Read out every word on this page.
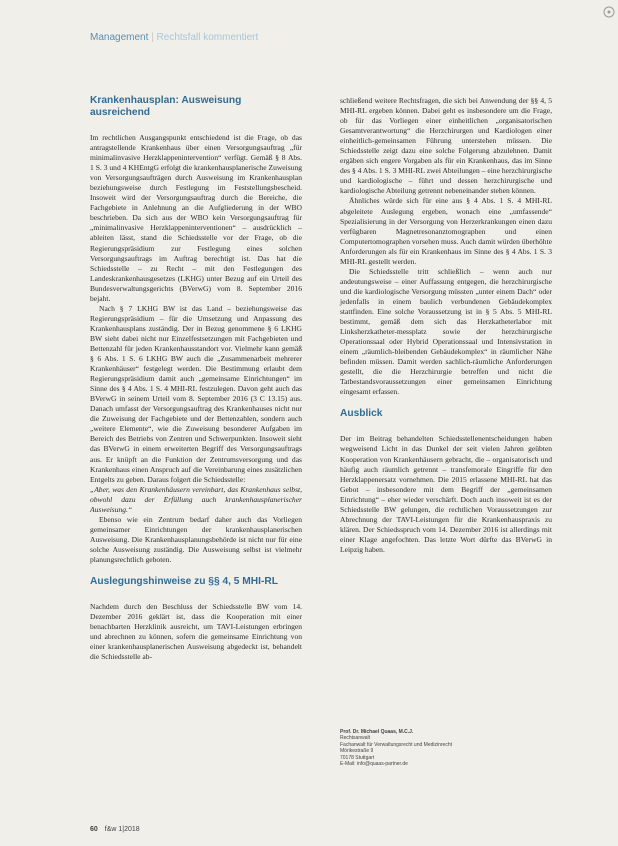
Management | Rechtsfall kommentiert
Krankenhausplan: Ausweisung ausreichend

Im rechtlichen Ausgangspunkt entschiedend ist die Frage, ob das antragstellende Krankenhaus über einen Versorgungsauftrag „für minimalinvasive Herzklappenintervention“ verfügt. Gemäß § 8 Abs. 1 S. 3 und 4 KHEntgG erfolgt die krankenhausplanerische Zuweisung von Versorgungsaufträgen durch Ausweisung im Krankenhausplan beziehungsweise durch Festlegung im Feststellungsbescheid. Insoweit wird der Versorgungsauftrag durch die Bereiche, die Fachgebiete in Anlehnung an die Aufgliederung in der WBO beschrieben. Da sich aus der WBO kein Versorgungsauftrag für „minimalinvasive Herzklappeninterventionen“ – ausdrücklich – ableiten lässt, stand die Schiedsstelle vor der Frage, ob die Regierungspräsidium zur Festlegung eines solchen Versorgungsauftrags im Auftrag berechtigt ist. Das hat die Schiedsstelle – zu Recht – mit den Festlegungen des Landeskrankenhausgesetzes (LKHG) unter Bezug auf ein Urteil des Bundesverwaltungsgerichts (BVerwG) vom 8. September 2016 bejaht.

Nach § 7 LKHG BW ist das Land – beziehungsweise das Regierungspräsidium – für die Umsetzung und Anpassung des Krankenhausplans zuständig. Der in Bezug genommene § 6 LKHG BW sieht dabei nicht nur Einzelfestsetzungen mit Fachgebieten und Bettenzahl für jeden Krankenhausstandort vor. Vielmehr kann gemäß § 6 Abs. 1 S. 6 LKHG BW auch die „Zusammenarbeit mehrerer Krankenhäuser“ festgelegt werden. Die Bestimmung erlaubt dem Regierungspräsidium damit auch „gemeinsame Einrichtungen“ im Sinne des § 4 Abs. 1 S. 4 MHI-RL festzulegen. Davon geht auch das BVerwG in seinem Urteil vom 8. September 2016 (3 C 13.15) aus. Danach umfasst der Versorgungsauftrag des Krankenhauses nicht nur die Zuweisung der Fachgebiete und der Bettenzahlen, sondern auch „weitere Elemente“, wie die Zuweisung besonderer Aufgaben im Bereich des Betriebs von Zentren und Schwerpunkten. Insoweit sieht das BVerwG in einem erweiterten Begriff des Versorgungsauftrags aus. Er knüpft an die Funktion der Zentrumsversorgung und das Krankenhaus einen Anspruch auf die Vereinbarung eines zusätzlichen Entgelts zu geben. Daraus folgert die Schiedsstelle:

„Aber, was den Krankenhäusern vereinbart, das Krankenhaus selbst, obwohl dazu der Erfüllung auch krankenhausplanerischer Ausweisung.“

Ebenso wie ein Zentrum bedarf daher auch das Vorliegen gemeinsamer Einrichtungen der krankenhausplanerischen Ausweisung. Die Krankenhausplanungsbehörde ist nicht nur für eine solche Ausweisung zuständig. Die Ausweisung selbst ist vielmehr planungsrechtlich geboten.

Auslegungshinweise zu §§ 4, 5 MHI-RL

Nachdem durch den Beschluss der Schiedsstelle BW vom 14. Dezember 2016 geklärt ist, dass die Kooperation mit einer benachbarten Herzklinik ausreicht, um TAVI-Leistungen erbringen und abrechnen zu können, sofern die gemeinsame Einrichtung von einer krankenhausplanerischen Ausweisung abgedeckt ist, behandelt die Schiedsstelle ab-

schließend weitere Rechtsfragen, die sich bei Anwendung der §§ 4, 5 MHI-RL ergeben können. Dabei geht es insbesondere um die Frage, ob für das Vorliegen einer einheitlichen „organisatorischen Gesamtverantwortung“ die Herzchirurgen und Kardiologen einer einheitlich-gemeinsamen Führung unterstehen müssen. Die Schiedsstelle zeigt dazu eine solche Folgerung abzulehnen. Damit ergäben sich engere Vorgaben als für ein Krankenhaus, das im Sinne des § 4 Abs. 1 S. 3 MHI-RL zwei Abteilungen – eine herzchirurgische und kardiologische – führt und dessen herzchirurgische und kardiologische Abteilung getrennt nebeneinander stehen können.

Ähnliches würde sich für eine aus § 4 Abs. 1 S. 4 MHI-RL abgeleitete Auslegung ergeben, wonach eine „umfassende“ Spezialisierung in der Versorgung von Herzerkrankungen einen dazu verfügbaren Magnetresonanztomographen und einen Computertomographen vorsehen muss. Auch damit würden überhöhte Anforderungen als für ein Krankenhaus im Sinne des § 4 Abs. 1 S. 3 MHI-RL gestellt werden.

Die Schiedsstelle tritt schließlich – wenn auch nur andeutungsweise – einer Auffassung entgegen, die herzchirurgische und die kardiologische Versorgung müssten „unter einem Dach“ oder jedenfalls in einem baulich verbundenen Gebäudekomplex stattfinden. Eine solche Voraussetzung ist in § 5 Abs. 5 MHI-RL bestimmt, gemäß dem sich das Herzkatheterlabor mit Linksherzkatheter-messplatz sowie der herzchirurgische Operationssaal oder Hybrid Operationssaal und Intensivstation in einem „räumlich-bleibenden Gebäudekomplex“ in räumlicher Nähe befinden müssen. Damit werden sachlich-räumliche Anforderungen gestellt, die die Herzchirurgie betreffen und nicht die Tatbestandsvoraussetzungen einer gemeinsamen Einrichtung eingesamt erfassen.

Ausblick

Der im Beitrag behandelten Schiedsstellenentscheidungen haben wegweisend Licht in das Dunkel der seit vielen Jahren geübten Kooperation von Krankenhäusern gebracht, die – organisatorisch und häufig auch räumlich getrennt – transfemorale Eingriffe für den Herzklappenersatz vornehmen. Die 2015 erlassene MHI-RL hat das Gebot – insbesondere mit dem Begriff der „gemeinsamen Einrichtung“ – eher wieder verschärft. Doch auch insoweit ist es der Schiedsstelle BW gelungen, die rechtlichen Voraussetzungen zur Abrechnung der TAVI-Leistungen für die Krankenhauspraxis zu klären. Der Schiedsspruch vom 14. Dezember 2016 ist allerdings mit einer Klage angefochten. Das letzte Wort dürfte das BVerwG in Leipzig haben.

Prof. Dr. Michael Quaas, M.C.J.
Rechtsanwalt
Fachanwalt für Verwaltungsrecht und Medizinrecht
Mörikestraße 9
70178 Stuttgart
E-Mail: info@quaas-partner.de
60 f&w 1|2018
